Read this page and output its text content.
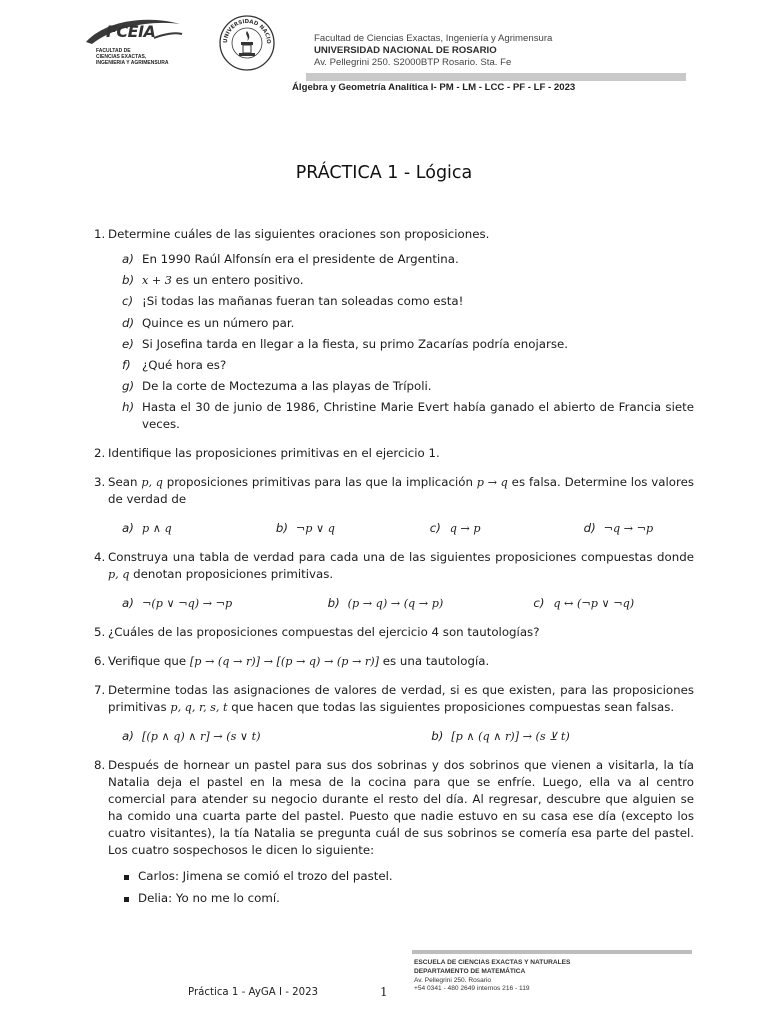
FCEIA
FACULTAD DE
CIENCIAS EXACTAS,
INGENIERIA Y AGRIMENSURA
UNIVERSIDAD NACIO	Facultad de Ciencias Exactas, Ingeniería y Agrimensura
UNIVERSIDAD NACIONAL DE ROSARIO
Av. Pellegrini 250. S2000BTP Rosario. Sta. Fe
Álgebra y Geometría Analítica I- PM - LM - LCC - PF - LF - 2023
PRÁCTICA 1 - Lógica
1. Determine cuáles de las siguientes oraciones son proposiciones.
a) En 1990 Raúl Alfonsín era el presidente de Argentina.
b) x + 3 es un entero positivo.
c) ¡Si todas las mañanas fueran tan soleadas como esta!
d) Quince es un número par.
e) Si Josefina tarda en llegar a la fiesta, su primo Zacarías podría enojarse.
f) ¿Qué hora es?
g) De la corte de Moctezuma a las playas de Trípoli.
h) Hasta el 30 de junio de 1986, Christine Marie Evert había ganado el abierto de Francia siete veces.
2. Identifique las proposiciones primitivas en el ejercicio 1.
3. Sean p, q proposiciones primitivas para las que la implicación p → q es falsa. Determine los valores de verdad de
a) p ∧ q	b) ¬p ∨ q	c) q → p	d) ¬q → ¬p
4. Construya una tabla de verdad para cada una de las siguientes proposiciones compuestas donde p, q denotan proposiciones primitivas.
a) ¬(p ∨ ¬q) → ¬p	b) (p → q) → (q → p)	c) q ↔ (¬p ∨ ¬q)
5. ¿Cuáles de las proposiciones compuestas del ejercicio 4 son tautologías?
6. Verifique que [p → (q → r)] → [(p → q) → (p → r)] es una tautología.
7. Determine todas las asignaciones de valores de verdad, si es que existen, para las proposiciones primitivas p, q, r, s, t que hacen que todas las siguientes proposiciones compuestas sean falsas.
a) [(p ∧ q) ∧ r] → (s ∨ t)	b) [p ∧ (q ∧ r)] → (s ⊻ t)
8. Después de hornear un pastel para sus dos sobrinas y dos sobrinos que vienen a visitarla, la tía Natalia deja el pastel en la mesa de la cocina para que se enfríe. Luego, ella va al centro comercial para atender su negocio durante el resto del día. Al regresar, descubre que alguien se ha comido una cuarta parte del pastel. Puesto que nadie estuvo en su casa ese día (excepto los cuatro visitantes), la tía Natalia se pregunta cuál de sus sobrinos se comería esa parte del pastel. Los cuatro sospechosos le dicen lo siguiente:
Carlos: Jimena se comió el trozo del pastel.
Delia: Yo no me lo comí.
Práctica 1 - AyGA I - 2023	1
ESCUELA DE CIENCIAS EXACTAS Y NATURALES
DEPARTAMENTO DE MATEMÁTICA
Av. Pellegrini 250. Rosario
+54 0341 - 480 2649 internos 216 - 119
